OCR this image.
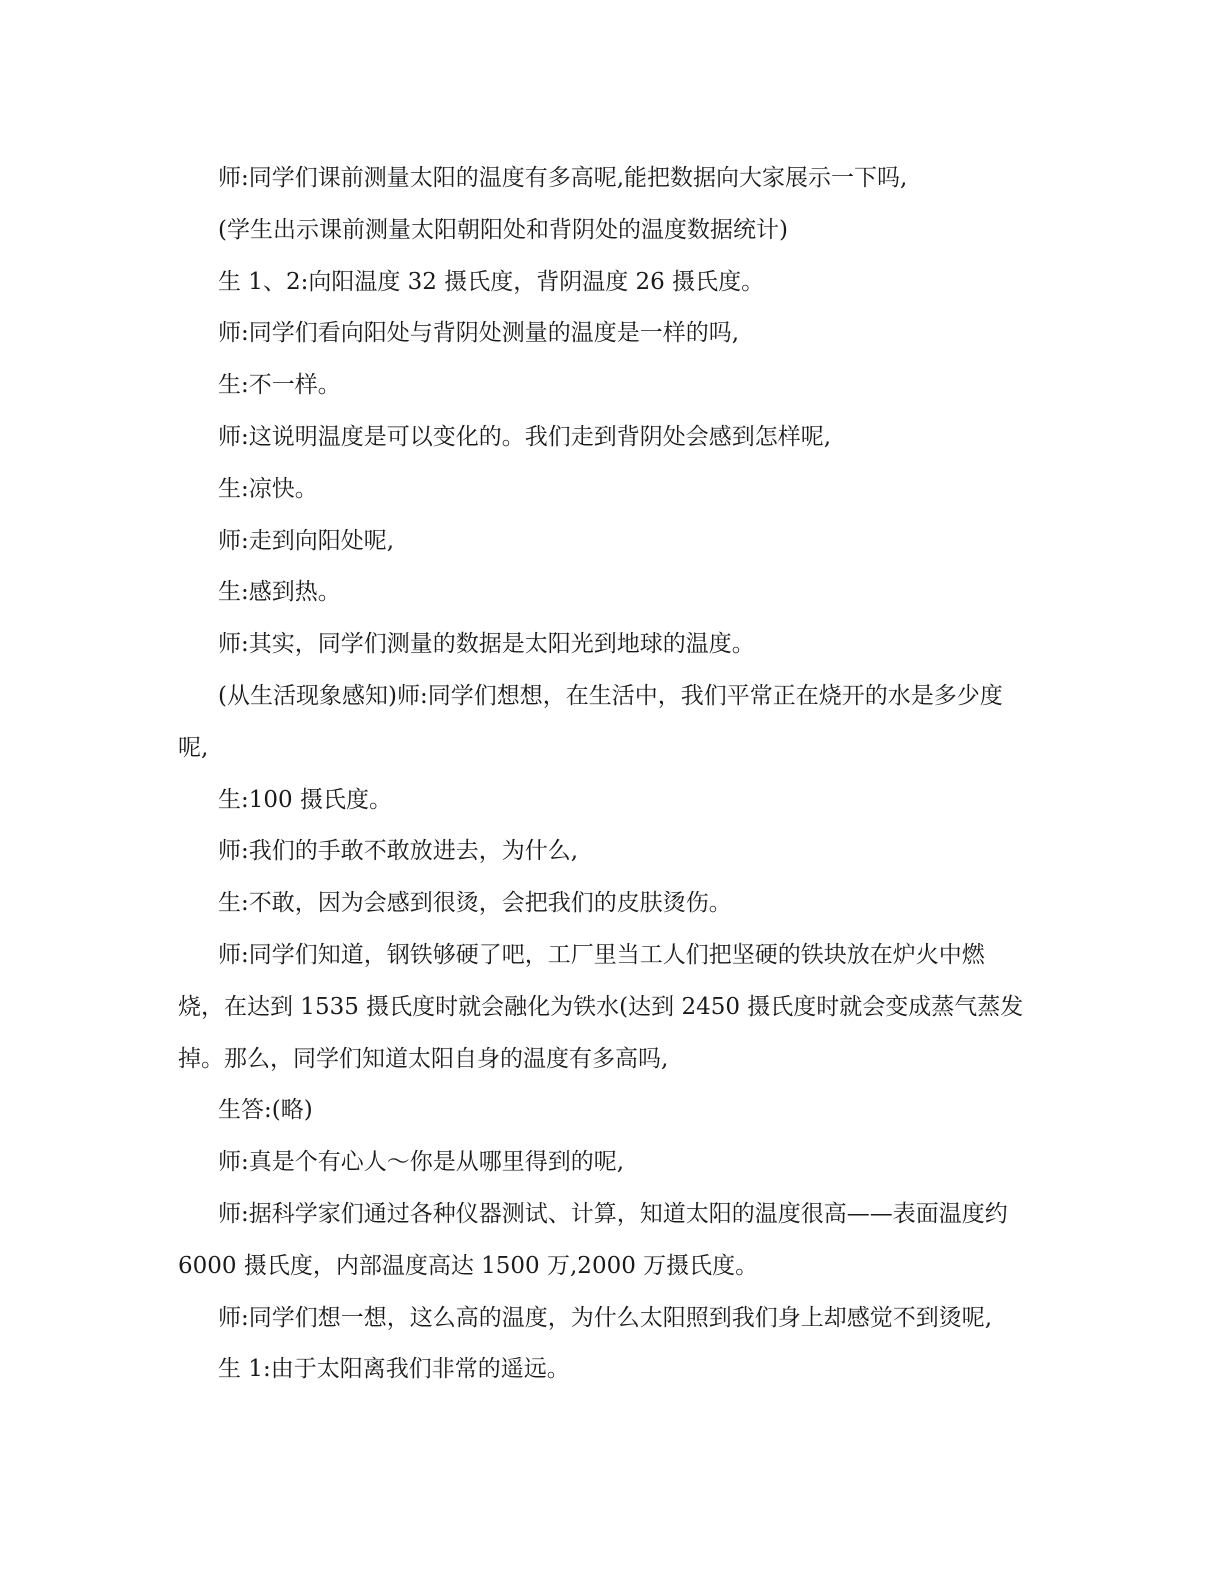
师:同学们课前测量太阳的温度有多高呢,能把数据向大家展示一下吗,

(学生出示课前测量太阳朝阳处和背阴处的温度数据统计)

生 1、2:向阳温度 32 摄氏度，背阴温度 26 摄氏度。

师:同学们看向阳处与背阴处测量的温度是一样的吗,

生:不一样。

师:这说明温度是可以变化的。我们走到背阴处会感到怎样呢,

生:凉快。

师:走到向阳处呢,

生:感到热。

师:其实，同学们测量的数据是太阳光到地球的温度。

(从生活现象感知)师:同学们想想，在生活中，我们平常正在烧开的水是多少度呢,

生:100 摄氏度。

师:我们的手敢不敢放进去，为什么,

生:不敢，因为会感到很烫，会把我们的皮肤烫伤。

师:同学们知道，钢铁够硬了吧，工厂里当工人们把坚硬的铁块放在炉火中燃烧，在达到 1535 摄氏度时就会融化为铁水(达到 2450 摄氏度时就会变成蒸气蒸发掉。那么，同学们知道太阳自身的温度有多高吗,

生答:(略)

师:真是个有心人～你是从哪里得到的呢,

师:据科学家们通过各种仪器测试、计算，知道太阳的温度很高——表面温度约 6000 摄氏度，内部温度高达 1500 万,2000 万摄氏度。

师:同学们想一想，这么高的温度，为什么太阳照到我们身上却感觉不到烫呢,

生 1:由于太阳离我们非常的遥远。
